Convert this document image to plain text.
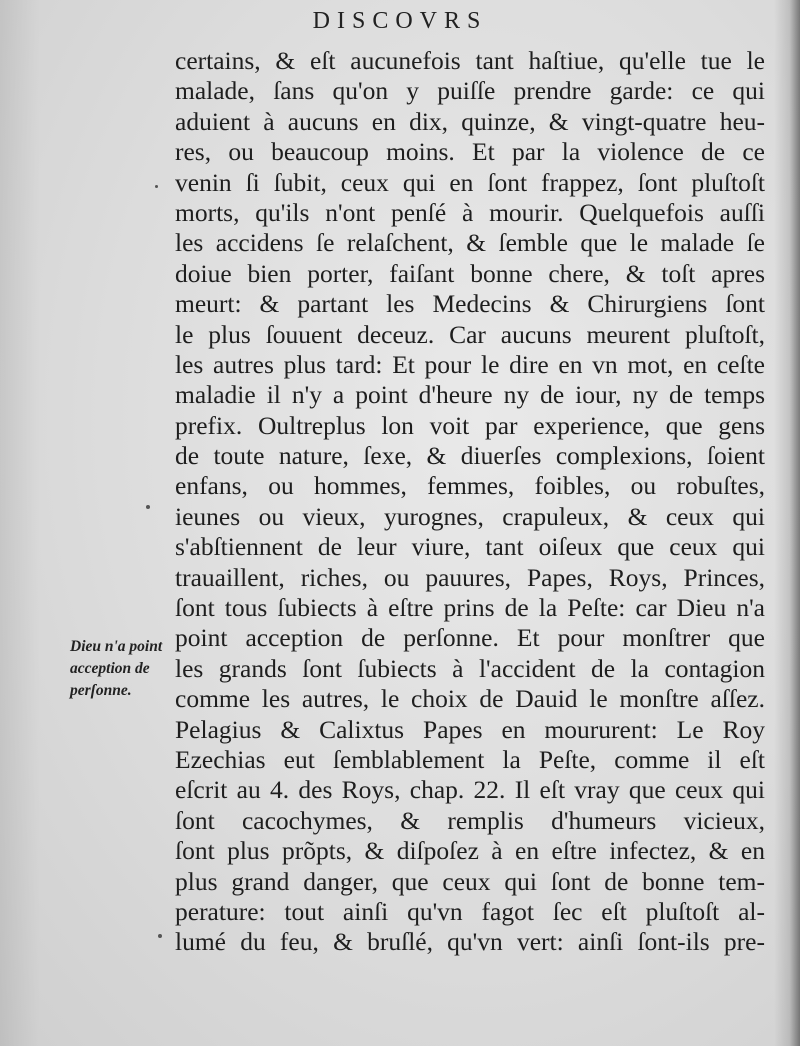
DISCOVRS
Dieu n'a point
acception de
perſonne.
certains, & eſt aucunefois tant haſtiue, qu'elle tue le
malade, ſans qu'on y puiſſe prendre garde: ce qui
aduient à aucuns en dix, quinze, & vingt-quatre heu-
res, ou beaucoup moins. Et par la violence de ce
venin ſi ſubit, ceux qui en ſont frappez, ſont pluſtoſt
morts, qu'ils n'ont penſé à mourir. Quelquefois auſſi
les accidens ſe relaſchent, & ſemble que le malade ſe
doiue bien porter, faiſant bonne chere, & toſt apres
meurt: & partant les Medecins & Chirurgiens ſont
le plus ſouuent deceuz. Car aucuns meurent pluſtoſt,
les autres plus tard: Et pour le dire en vn mot, en ceſte
maladie il n'y a point d'heure ny de iour, ny de temps
prefix. Oultreplus lon voit par experience, que gens
de toute nature, ſexe, & diuerſes complexions, ſoient
enfans, ou hommes, femmes, foibles, ou robuſtes,
ieunes ou vieux, yurognes, crapuleux, & ceux qui
s'abſtiennent de leur viure, tant oiſeux que ceux qui
trauaillent, riches, ou pauures, Papes, Roys, Princes,
ſont tous ſubiects à eſtre prins de la Peſte: car Dieu n'a
point acception de perſonne. Et pour monſtrer que
les grands ſont ſubiects à l'accident de la contagion
comme les autres, le choix de Dauid le monſtre aſſez.
Pelagius & Calixtus Papes en moururent: Le Roy
Ezechias eut ſemblablement la Peſte, comme il eſt
eſcrit au 4. des Roys, chap. 22. Il eſt vray que ceux qui
ſont cacochymes, & remplis d'humeurs vicieux,
ſont plus prõpts, & diſpoſez à en eſtre infectez, & en
plus grand danger, que ceux qui ſont de bonne tem-
perature: tout ainſi qu'vn fagot ſec eſt pluſtoſt al-
lumé du feu, & bruſlé, qu'vn vert: ainſi ſont-ils pre-
